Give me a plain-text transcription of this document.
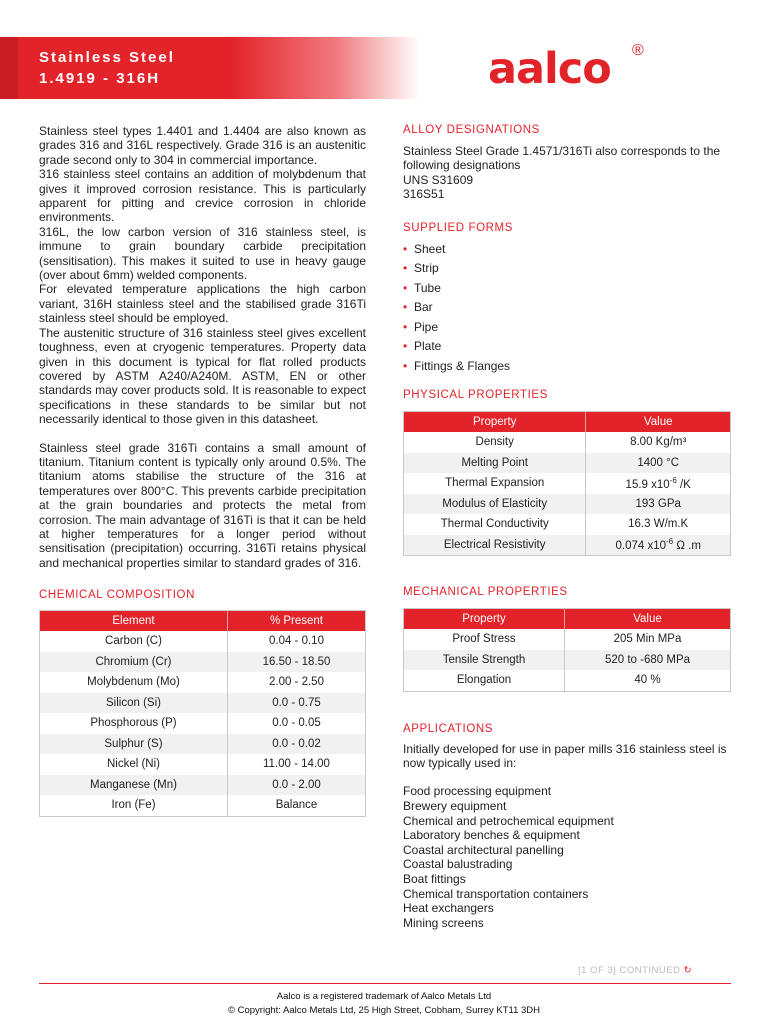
Stainless Steel
1.4919 - 316H	aalco ®

Stainless steel types 1.4401 and 1.4404 are also known as grades 316 and 316L respectively. Grade 316 is an austenitic grade second only to 304 in commercial importance.

316 stainless steel contains an addition of molybdenum that gives it improved corrosion resistance. This is particularly apparent for pitting and crevice corrosion in chloride environments.

316L, the low carbon version of 316 stainless steel, is immune to grain boundary carbide precipitation (sensitisation). This makes it suited to use in heavy gauge (over about 6mm) welded components.

For elevated temperature applications the high carbon variant, 316H stainless steel and the stabilised grade 316Ti stainless steel should be employed.

The austenitic structure of 316 stainless steel gives excellent toughness, even at cryogenic temperatures. Property data given in this document is typical for flat rolled products covered by ASTM A240/A240M. ASTM, EN or other standards may cover products sold. It is reasonable to expect specifications in these standards to be similar but not necessarily identical to those given in this datasheet.

Stainless steel grade 316Ti contains a small amount of titanium. Titanium content is typically only around 0.5%. The titanium atoms stabilise the structure of the 316 at temperatures over 800°C. This prevents carbide precipitation at the grain boundaries and protects the metal from corrosion. The main advantage of 316Ti is that it can be held at higher temperatures for a longer period without sensitisation (precipitation) occurring. 316Ti retains physical and mechanical properties similar to standard grades of 316.

CHEMICAL COMPOSITION
Element	% Present
Carbon (C)	0.04 - 0.10
Chromium (Cr)	16.50 - 18.50
Molybdenum (Mo)	2.00 - 2.50
Silicon (Si)	0.0 - 0.75
Phosphorous (P)	0.0 - 0.05
Sulphur (S)	0.0 - 0.02
Nickel (Ni)	11.00 - 14.00
Manganese (Mn)	0.0 - 2.00
Iron (Fe)	Balance
ALLOY DESIGNATIONS

Stainless Steel Grade 1.4571/316Ti also corresponds to the following designations

UNS S31609

316S51

SUPPLIED FORMS
• Sheet
• Strip
• Tube
• Bar
• Pipe
• Plate
• Fittings & Flanges
PHYSICAL PROPERTIES
Property	Value
Density	8.00 Kg/m³
Melting Point	1400 °C
Thermal Expansion	15.9 $x10^{-6}$ /K
Modulus of Elasticity	193 GPa
Thermal Conductivity	16.3 W/m.K
Electrical Resistivity	0.074 $x10^{-6}$ Ω .m
MECHANICAL PROPERTIES
Property	Value
Proof Stress	205 Min MPa
Tensile Strength	520 to -680 MPa
Elongation	40 %
APPLICATIONS

Initially developed for use in paper mills 316 stainless steel is now typically used in:

Food processing equipment
Brewery equipment
Chemical and petrochemical equipment
Laboratory benches & equipment
Coastal architectural panelling
Coastal balustrading
Boat fittings
Chemical transportation containers
Heat exchangers
Mining screens
[1 OF 3] CONTINUED ↻
Aalco is a registered trademark of Aalco Metals Ltd
© Copyright: Aalco Metals Ltd, 25 High Street, Cobham, Surrey KT11 3DH
